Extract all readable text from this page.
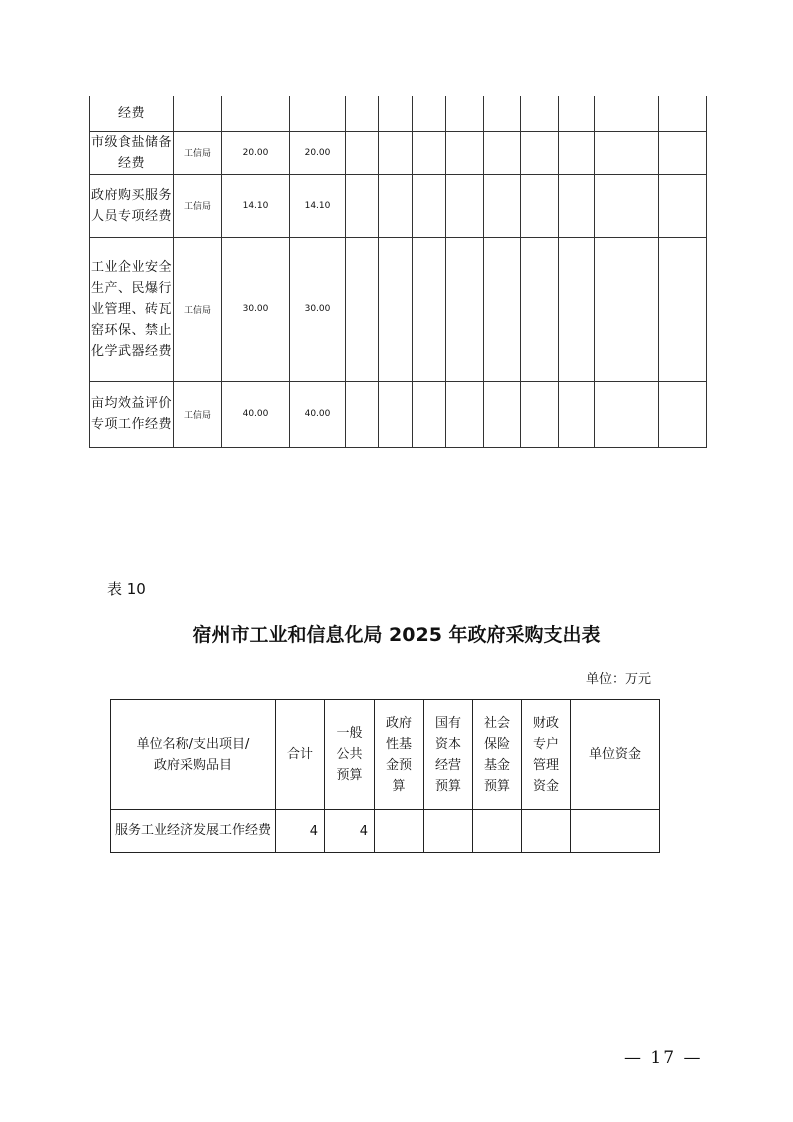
经费												
市级食盐储备经费	工信局	20.00	20.00									
政府购买服务人员专项经费	工信局	14.10	14.10									
工业企业安全生产、民爆行业管理、砖瓦窑环保、禁止化学武器经费	工信局	30.00	30.00									
亩均效益评价专项工作经费	工信局	40.00	40.00									
表 10
宿州市工业和信息化局 2025 年政府采购支出表
单位：万元
单位名称/支出项目/政府采购品目	合计	一般公共预算	政府性基金预算	国有资本经营预算	社会保险基金预算	财政专户管理资金	单位资金
服务工业经济发展工作经费	4	4					
— 17 —
